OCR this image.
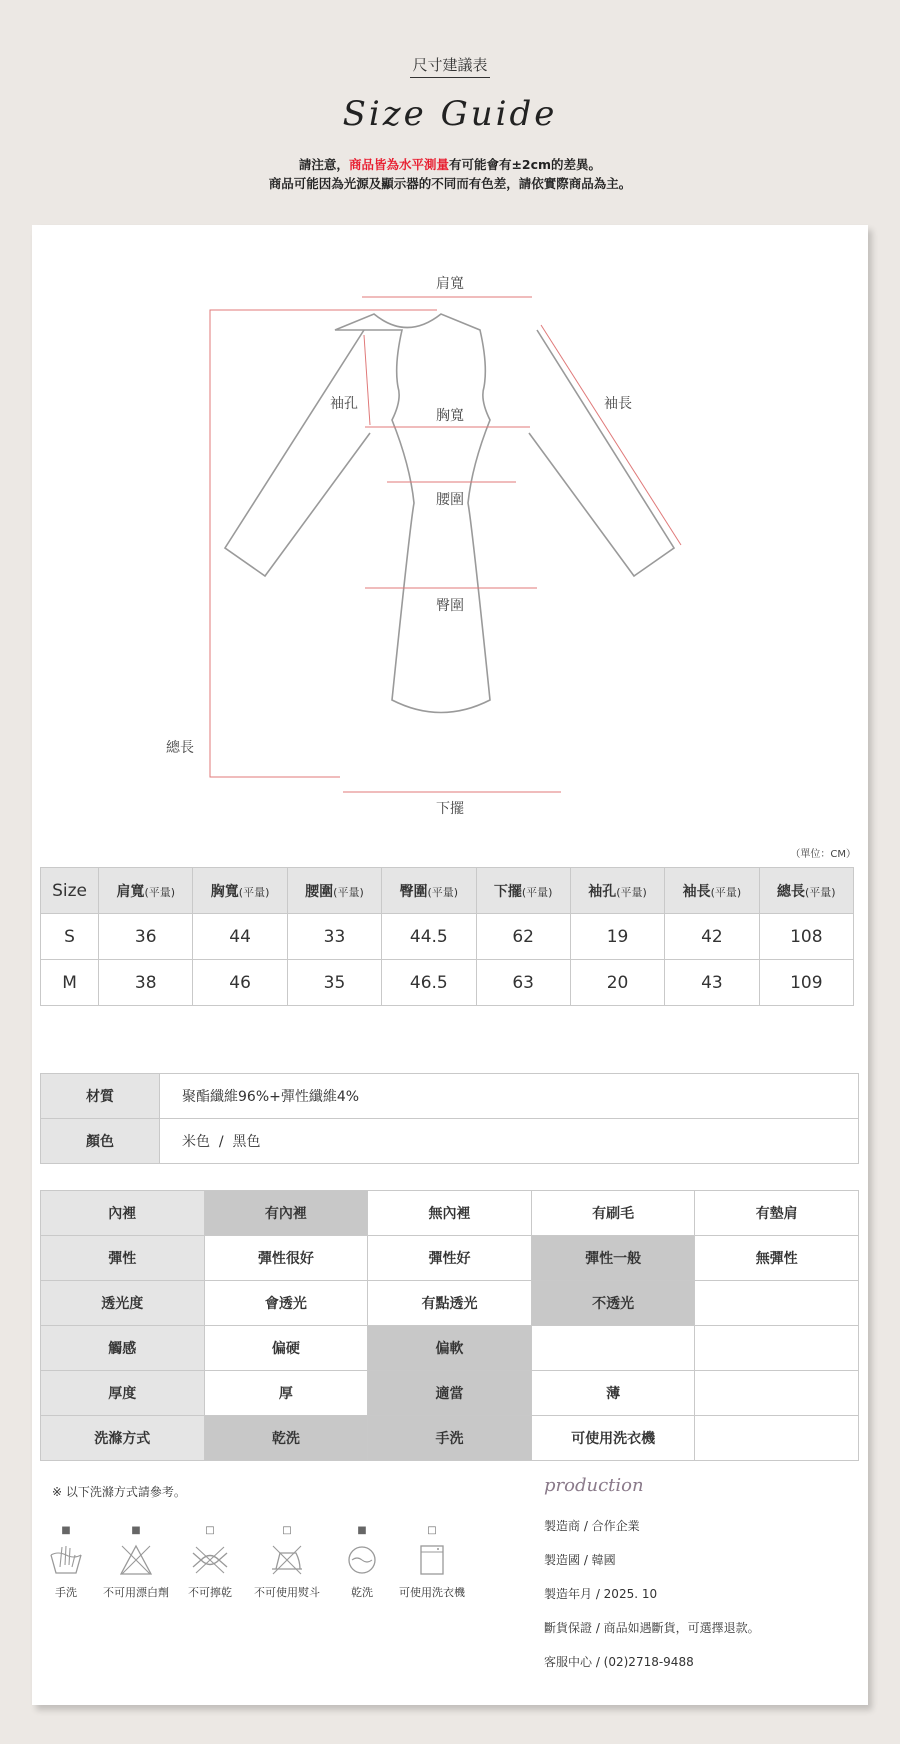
尺寸建議表
Size Guide
請注意，商品皆為水平測量有可能會有±2cm的差異。
商品可能因為光源及顯示器的不同而有色差，請依實際商品為主。
肩寬
袖孔
胸寬
袖長
腰圍
臀圍
總長
下擺
（單位：CM）
Size	肩寬(平量)	胸寬(平量)	腰圍(平量)	臀圍(平量)	下擺(平量)	袖孔(平量)	袖長(平量)	總長(平量)
S	36	44	33	44.5	62	19	42	108
M	38	46	35	46.5	63	20	43	109
材質	聚酯纖維96%+彈性纖維4%
顏色	米色  /  黑色
內裡	有內裡	無內裡	有刷毛	有墊肩
彈性	彈性很好	彈性好	彈性一般	無彈性
透光度	會透光	有點透光	不透光	
觸感	偏硬	偏軟		
厚度	厚	適當	薄	
洗滌方式	乾洗	手洗	可使用洗衣機	
※ 以下洗滌方式請參考。
■
手洗
■
不可用漂白劑
□
不可擰乾
□
不可使用熨斗
■
乾洗
□
可使用洗衣機
production
製造商 / 合作企業
製造國 / 韓國
製造年月 / 2025. 10
斷貨保證 / 商品如遇斷貨，可選擇退款。
客服中心 / (02)2718-9488
